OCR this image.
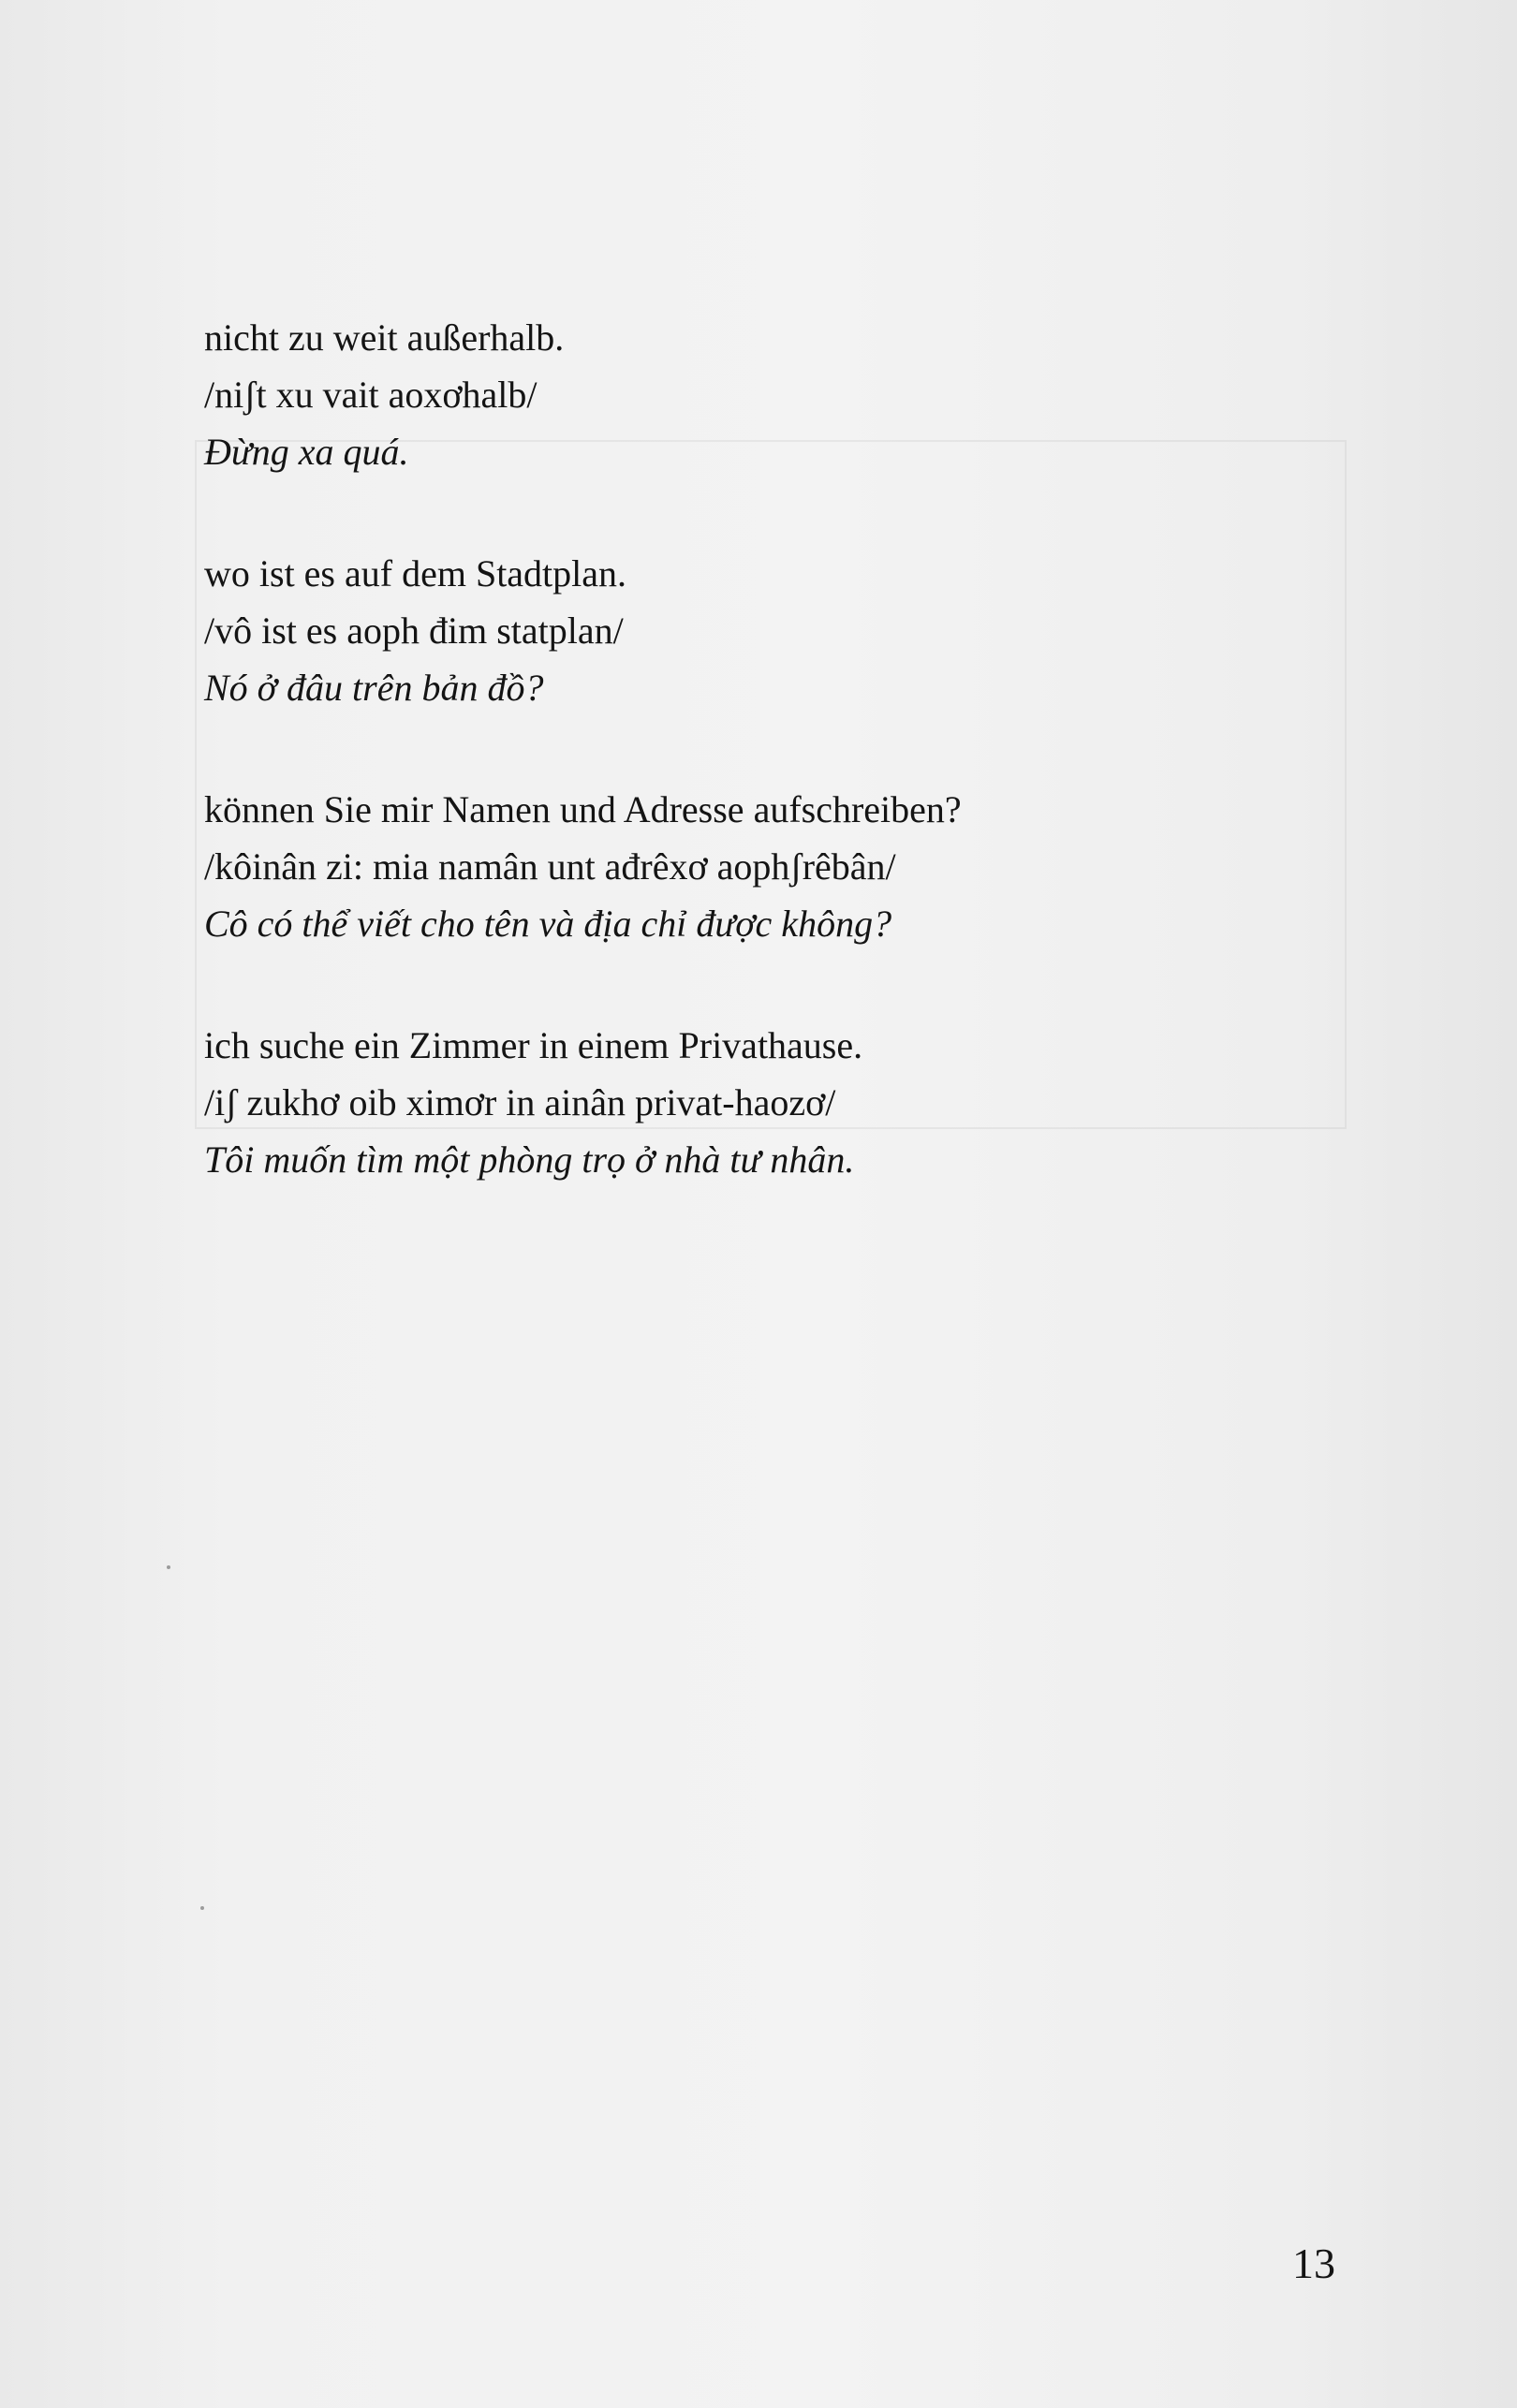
nicht zu weit außerhalb.

/niʃt xu vait aoxơhalb/

Đừng xa quá.

wo ist es auf dem Stadtplan.

/vô ist es aoph đim statplan/

Nó ở đâu trên bản đồ?

können Sie mir Namen und Adresse aufschreiben?

/kôinân zi: mia namân unt ađrêxơ aophʃrêbân/

Cô có thể viết cho tên và địa chỉ được không?

ich suche ein Zimmer in einem Privathause.

/iʃ zukhơ oib ximơr in ainân privat-haozơ/

Tôi muốn tìm một phòng trọ ở nhà tư nhân.

13
